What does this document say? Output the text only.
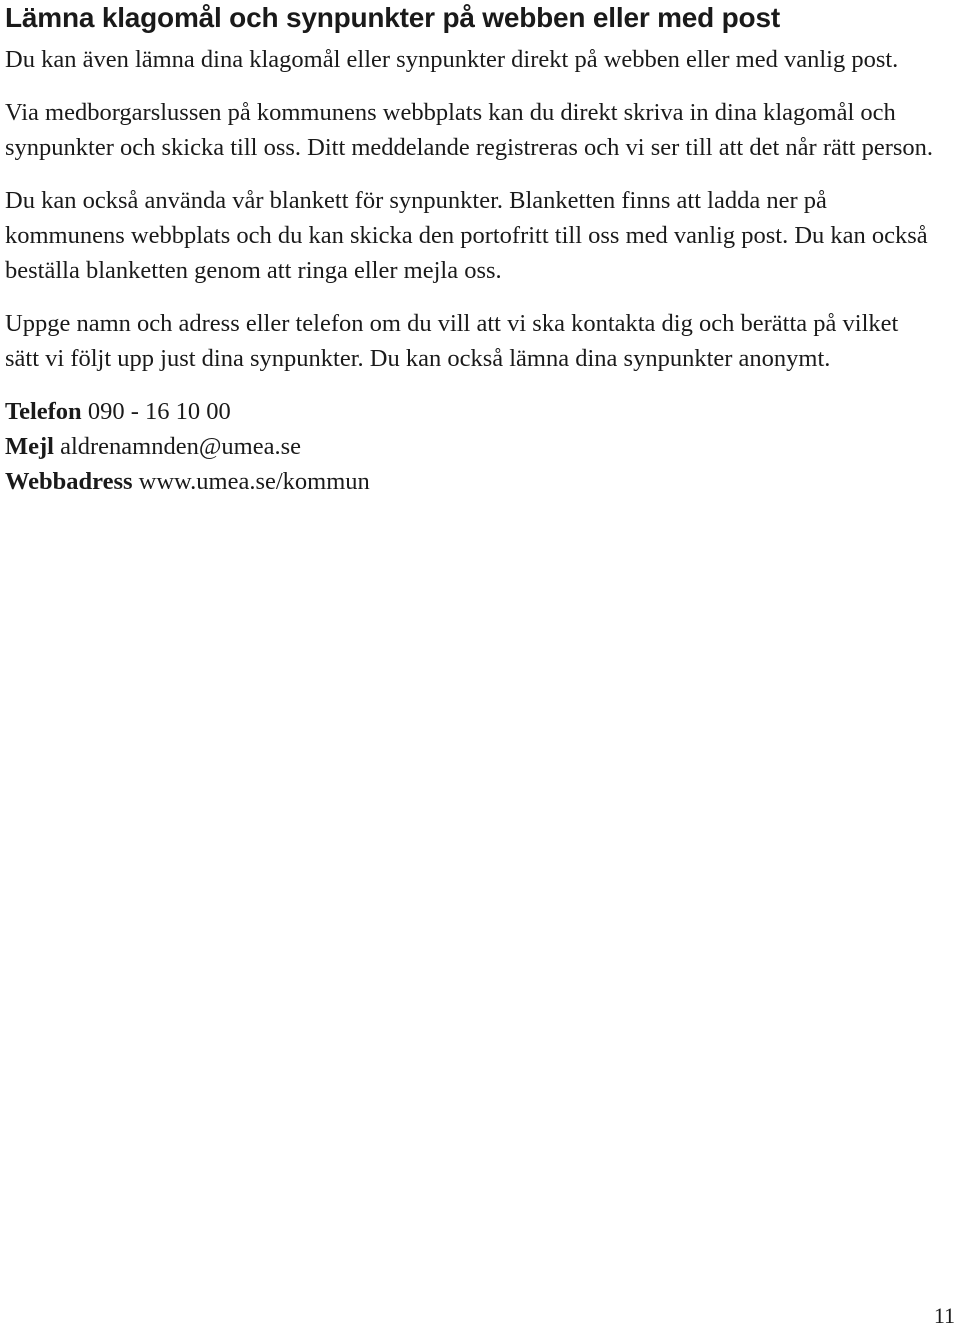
Lämna klagomål och synpunkter på webben eller med post

Du kan även lämna dina klagomål eller synpunkter direkt på webben eller med vanlig post.

Via medborgarslussen på kommunens webbplats kan du direkt skriva in dina klagomål och synpunkter och skicka till oss. Ditt meddelande registreras och vi ser till att det når rätt person.

Du kan också använda vår blankett för synpunkter. Blanketten finns att ladda ner på kommunens webbplats och du kan skicka den portofritt till oss med vanlig post. Du kan också beställa blanketten genom att ringa eller mejla oss.

Uppge namn och adress eller telefon om du vill att vi ska kontakta dig och berätta på vilket sätt vi följt upp just dina synpunkter. Du kan också lämna dina synpunkter anonymt.

Telefon 090 - 16 10 00
Mejl aldrenamnden@umea.se
Webbadress www.umea.se/kommun
11
